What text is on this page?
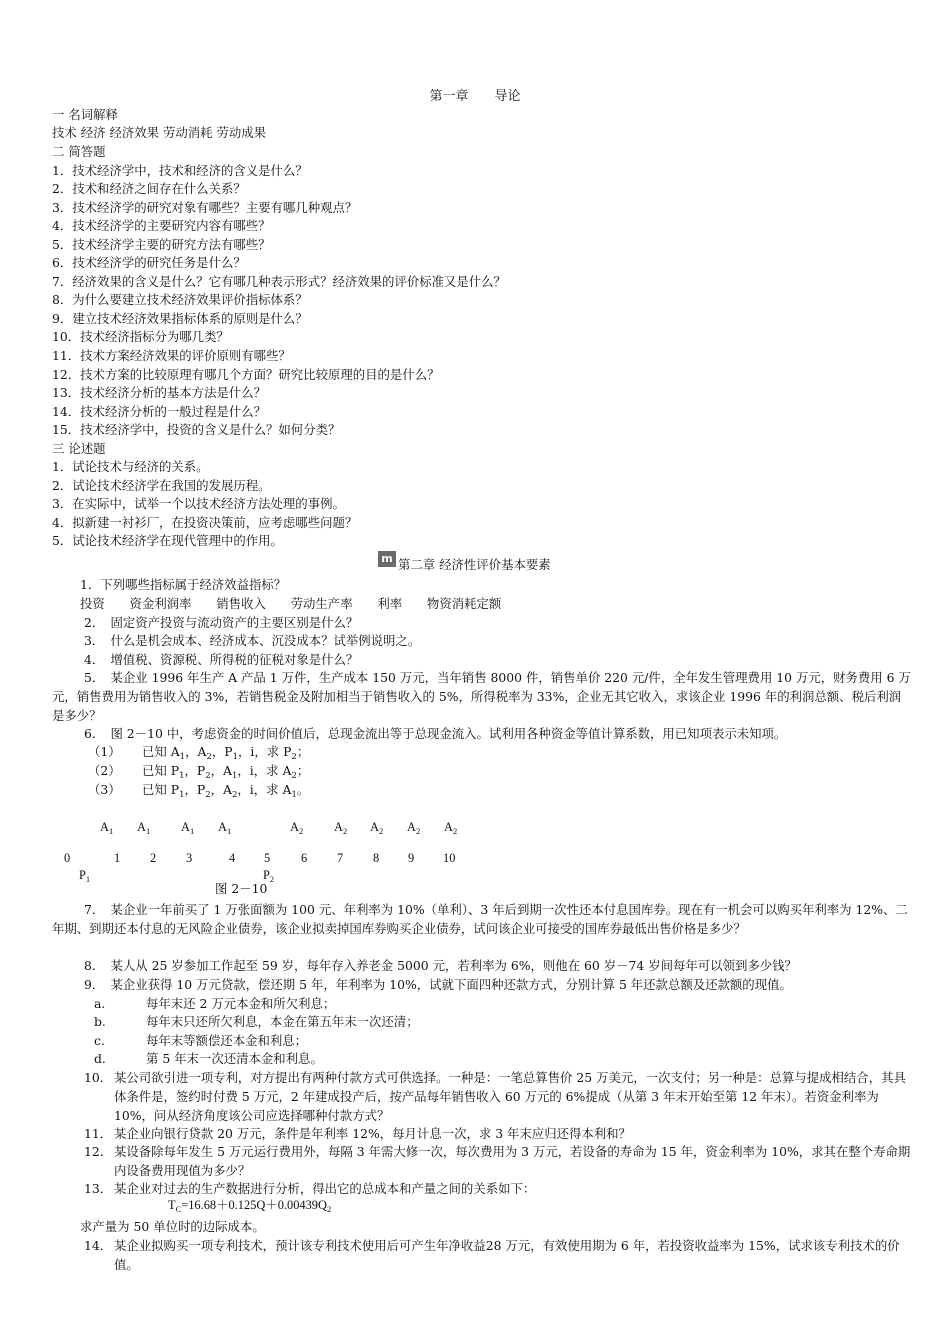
第一章　　导论
一 名词解释
技术 经济 经济效果 劳动消耗 劳动成果
二 简答题
1．技术经济学中，技术和经济的含义是什么？
2．技术和经济之间存在什么关系？
3．技术经济学的研究对象有哪些？主要有哪几种观点？
4．技术经济学的主要研究内容有哪些？
5．技术经济学主要的研究方法有哪些？
6．技术经济学的研究任务是什么？
7．经济效果的含义是什么？它有哪几种表示形式？经济效果的评价标准又是什么？
8．为什么要建立技术经济效果评价指标体系？
9．建立技术经济效果指标体系的原则是什么？
10．技术经济指标分为哪几类？
11．技术方案经济效果的评价原则有哪些？
12．技术方案的比较原理有哪几个方面？研究比较原理的目的是什么？
13．技术经济分析的基本方法是什么？
14．技术经济分析的一般过程是什么？
15．技术经济学中，投资的含义是什么？如何分类？
三 论述题
1．试论技术与经济的关系。
2．试论技术经济学在我国的发展历程。
3．在实际中，试举一个以技术经济方法处理的事例。
4．拟新建一衬衫厂，在投资决策前，应考虑哪些问题？
5．试论技术经济学在现代管理中的作用。
m 第二章 经济性评价基本要素
1．下列哪些指标属于经济效益指标？
投资　　资金利润率　　销售收入　　劳动生产率　　利率　　物资消耗定额
2．　固定资产投资与流动资产的主要区别是什么？
3．　什么是机会成本、经济成本、沉没成本？试举例说明之。
4．　增值税、资源税、所得税的征税对象是什么？
5．　某企业 1996 年生产 A 产品 1 万件，生产成本 150 万元，当年销售 8000 件，销售单价 220 元/件，全年发生管理费用 10 万元，财务费用 6 万元，销售费用为销售收入的 3%，若销售税金及附加相当于销售收入的 5%，所得税率为 33%，企业无其它收入，求该企业 1996 年的利润总额、税后利润是多少？
6．　图 2－10 中，考虑资金的时间价值后，总现金流出等于总现金流入。试利用各种资金等值计算系数，用已知项表示未知项。
（1） 已知 $A_1$，$A_2$，$P_1$，i，求 $P_2$；
（2） 已知 $P_1$，$P_2$，$A_1$，i，求 $A_2$；
（3） 已知 $P_1$，$P_2$，$A_2$，i，求 $A_1$。
$A_1$ $A_1$ $A_1$ $A_1$	$A_2$ $A_2$ $A_2$ $A_2$ $A_2$
0	1 2 3	4 5 6 7 8 9 10
$P_1$	$P_2$
图 2－10
7．　某企业一年前买了 1 万张面额为 100 元、年利率为 10%（单利）、3 年后到期一次性还本付息国库券。现在有一机会可以购买年利率为 12%、二年期、到期还本付息的无风险企业债券，该企业拟卖掉国库券购买企业债券，试问该企业可接受的国库券最低出售价格是多少？
8．　某人从 25 岁参加工作起至 59 岁，每年存入养老金 5000 元，若利率为 6%，则他在 60 岁－74 岁间每年可以领到多少钱？
9．　某企业获得 10 万元贷款，偿还期 5 年，年利率为 10%，试就下面四种还款方式，分别计算 5 年还款总额及还款额的现值。
a.	每年末还 2 万元本金和所欠利息；
b.	每年末只还所欠利息，本金在第五年末一次还清；
c.	每年末等额偿还本金和利息；
d.	第 5 年末一次还清本金和利息。
10． 某公司欲引进一项专利，对方提出有两种付款方式可供选择。一种是：一笔总算售价 25 万美元，一次支付；另一种是：总算与提成相结合，其具体条件是，签约时付费 5 万元，2 年建成投产后，按产品每年销售收入 60 万元的 6%提成（从第 3 年末开始至第 12 年末）。若资金利率为 10%，问从经济角度该公司应选择哪种付款方式？
11． 某企业向银行贷款 20 万元，条件是年利率 12%，每月计息一次，求 3 年末应归还得本利和？
12． 某设备除每年发生 5 万元运行费用外，每隔 3 年需大修一次，每次费用为 3 万元，若设备的寿命为 15 年，资金利率为 10%，求其在整个寿命期内设备费用现值为多少？
13． 某企业对过去的生产数据进行分析，得出它的总成本和产量之间的关系如下：
$T_C=16.68+0.125Q+0.00439Q_2$
求产量为 50 单位时的边际成本。
14． 某企业拟购买一项专利技术，预计该专利技术使用后可产生年净收益28 万元，有效使用期为 6 年，若投资收益率为 15%，试求该专利技术的价值。
